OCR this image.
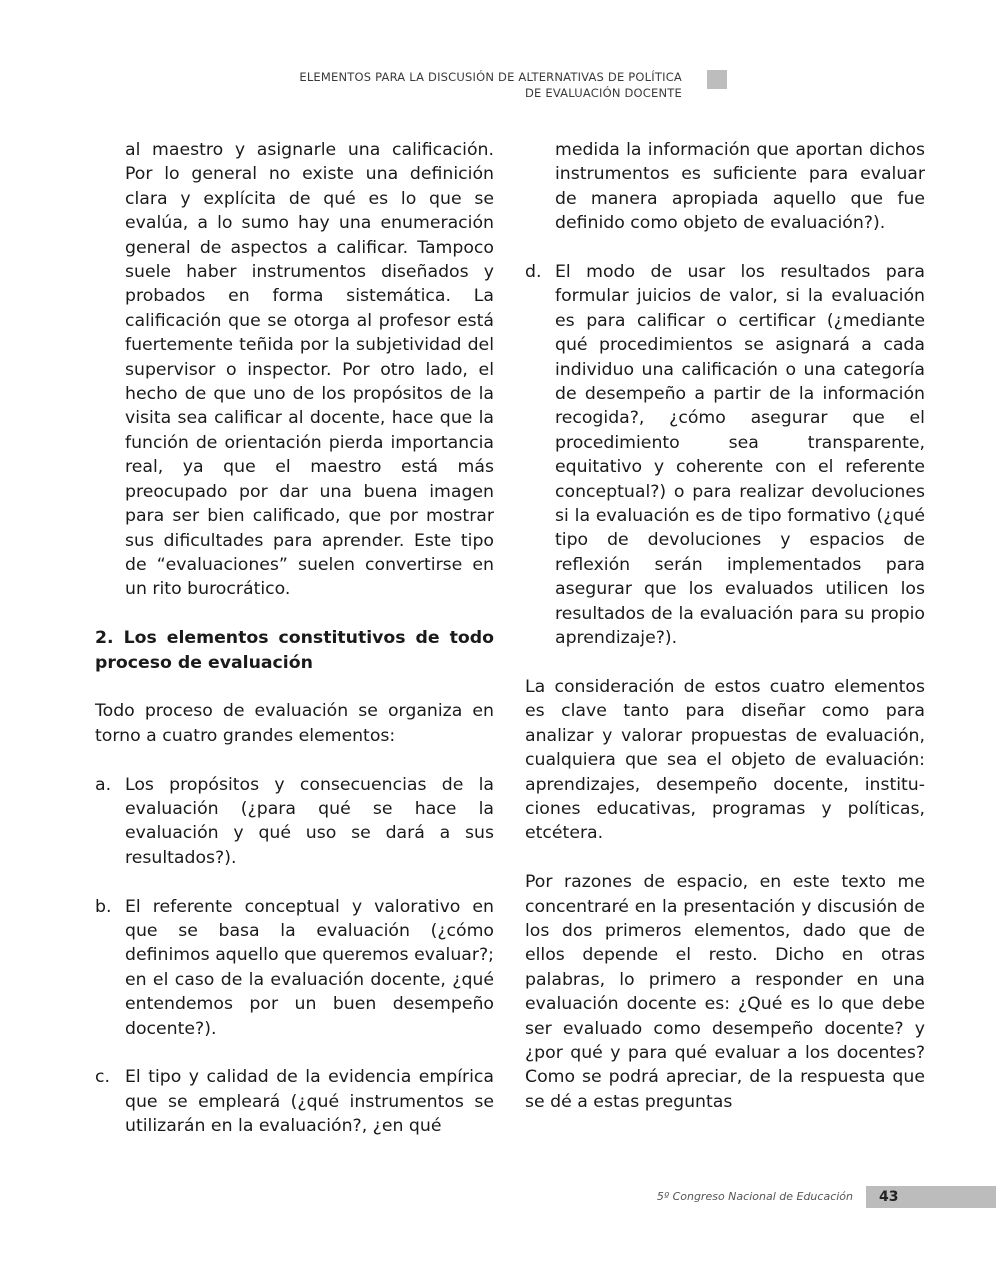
ELEMENTOS PARA LA DISCUSIÓN DE ALTERNATIVAS DE POLÍTICA
DE EVALUACIÓN DOCENTE

al maestro y asignarle una calificación. Por lo general no existe una definición clara y explícita de qué es lo que se evalúa, a lo sumo hay una enumeración general de aspectos a calificar. Tampoco suele haber instrumentos diseñados y probados en forma sistemática. La calificación que se otorga al profesor está fuertemente teñida por la subjetividad del supervisor o inspector. Por otro lado, el hecho de que uno de los propósitos de la visita sea calificar al docente, hace que la función de orientación pierda importancia real, ya que el maestro está más preocupado por dar una buena imagen para ser bien calificado, que por mostrar sus dificultades para aprender. Este tipo de “evaluaciones” suelen convertirse en un rito burocrático.

2. Los elementos constitutivos de todo proceso de evaluación

Todo proceso de evaluación se organiza en torno a cuatro grandes elementos:

a. Los propósitos y consecuencias de la evaluación (¿para qué se hace la evaluación y qué uso se dará a sus resultados?).
b. El referente conceptual y valorativo en que se basa la evaluación (¿cómo definimos aquello que queremos evaluar?; en el caso de la evaluación docente, ¿qué entendemos por un buen desempeño docente?).
c. El tipo y calidad de la evidencia empírica que se empleará (¿qué instrumentos se utilizarán en la evaluación?, ¿en qué

medida la información que aportan dichos instrumentos es suficiente para evaluar de manera apropiada aquello que fue definido como objeto de evaluación?).

d. El modo de usar los resultados para formular juicios de valor, si la evaluación es para calificar o certificar (¿mediante qué procedimientos se asignará a cada individuo una calificación o una categoría de desempeño a partir de la información recogida?, ¿cómo asegurar que el procedimiento sea transparente, equitativo y coherente con el referente conceptual?) o para realizar devoluciones si la evaluación es de tipo formativo (¿qué tipo de devoluciones y espacios de reflexión serán implementados para asegurar que los evaluados utilicen los resultados de la evaluación para su propio aprendizaje?).

La consideración de estos cuatro elementos es clave tanto para diseñar como para analizar y valorar propuestas de evaluación, cualquiera que sea el objeto de evaluación: aprendizajes, desempeño docente, institu-ciones educativas, programas y políticas, etcétera.

Por razones de espacio, en este texto me concentraré en la presentación y discusión de los dos primeros elementos, dado que de ellos depende el resto. Dicho en otras palabras, lo primero a responder en una evaluación docente es: ¿Qué es lo que debe ser evaluado como desempeño docente? y ¿por qué y para qué evaluar a los docentes? Como se podrá apreciar, de la respuesta que se dé a estas preguntas

5º Congreso Nacional de Educación 43
